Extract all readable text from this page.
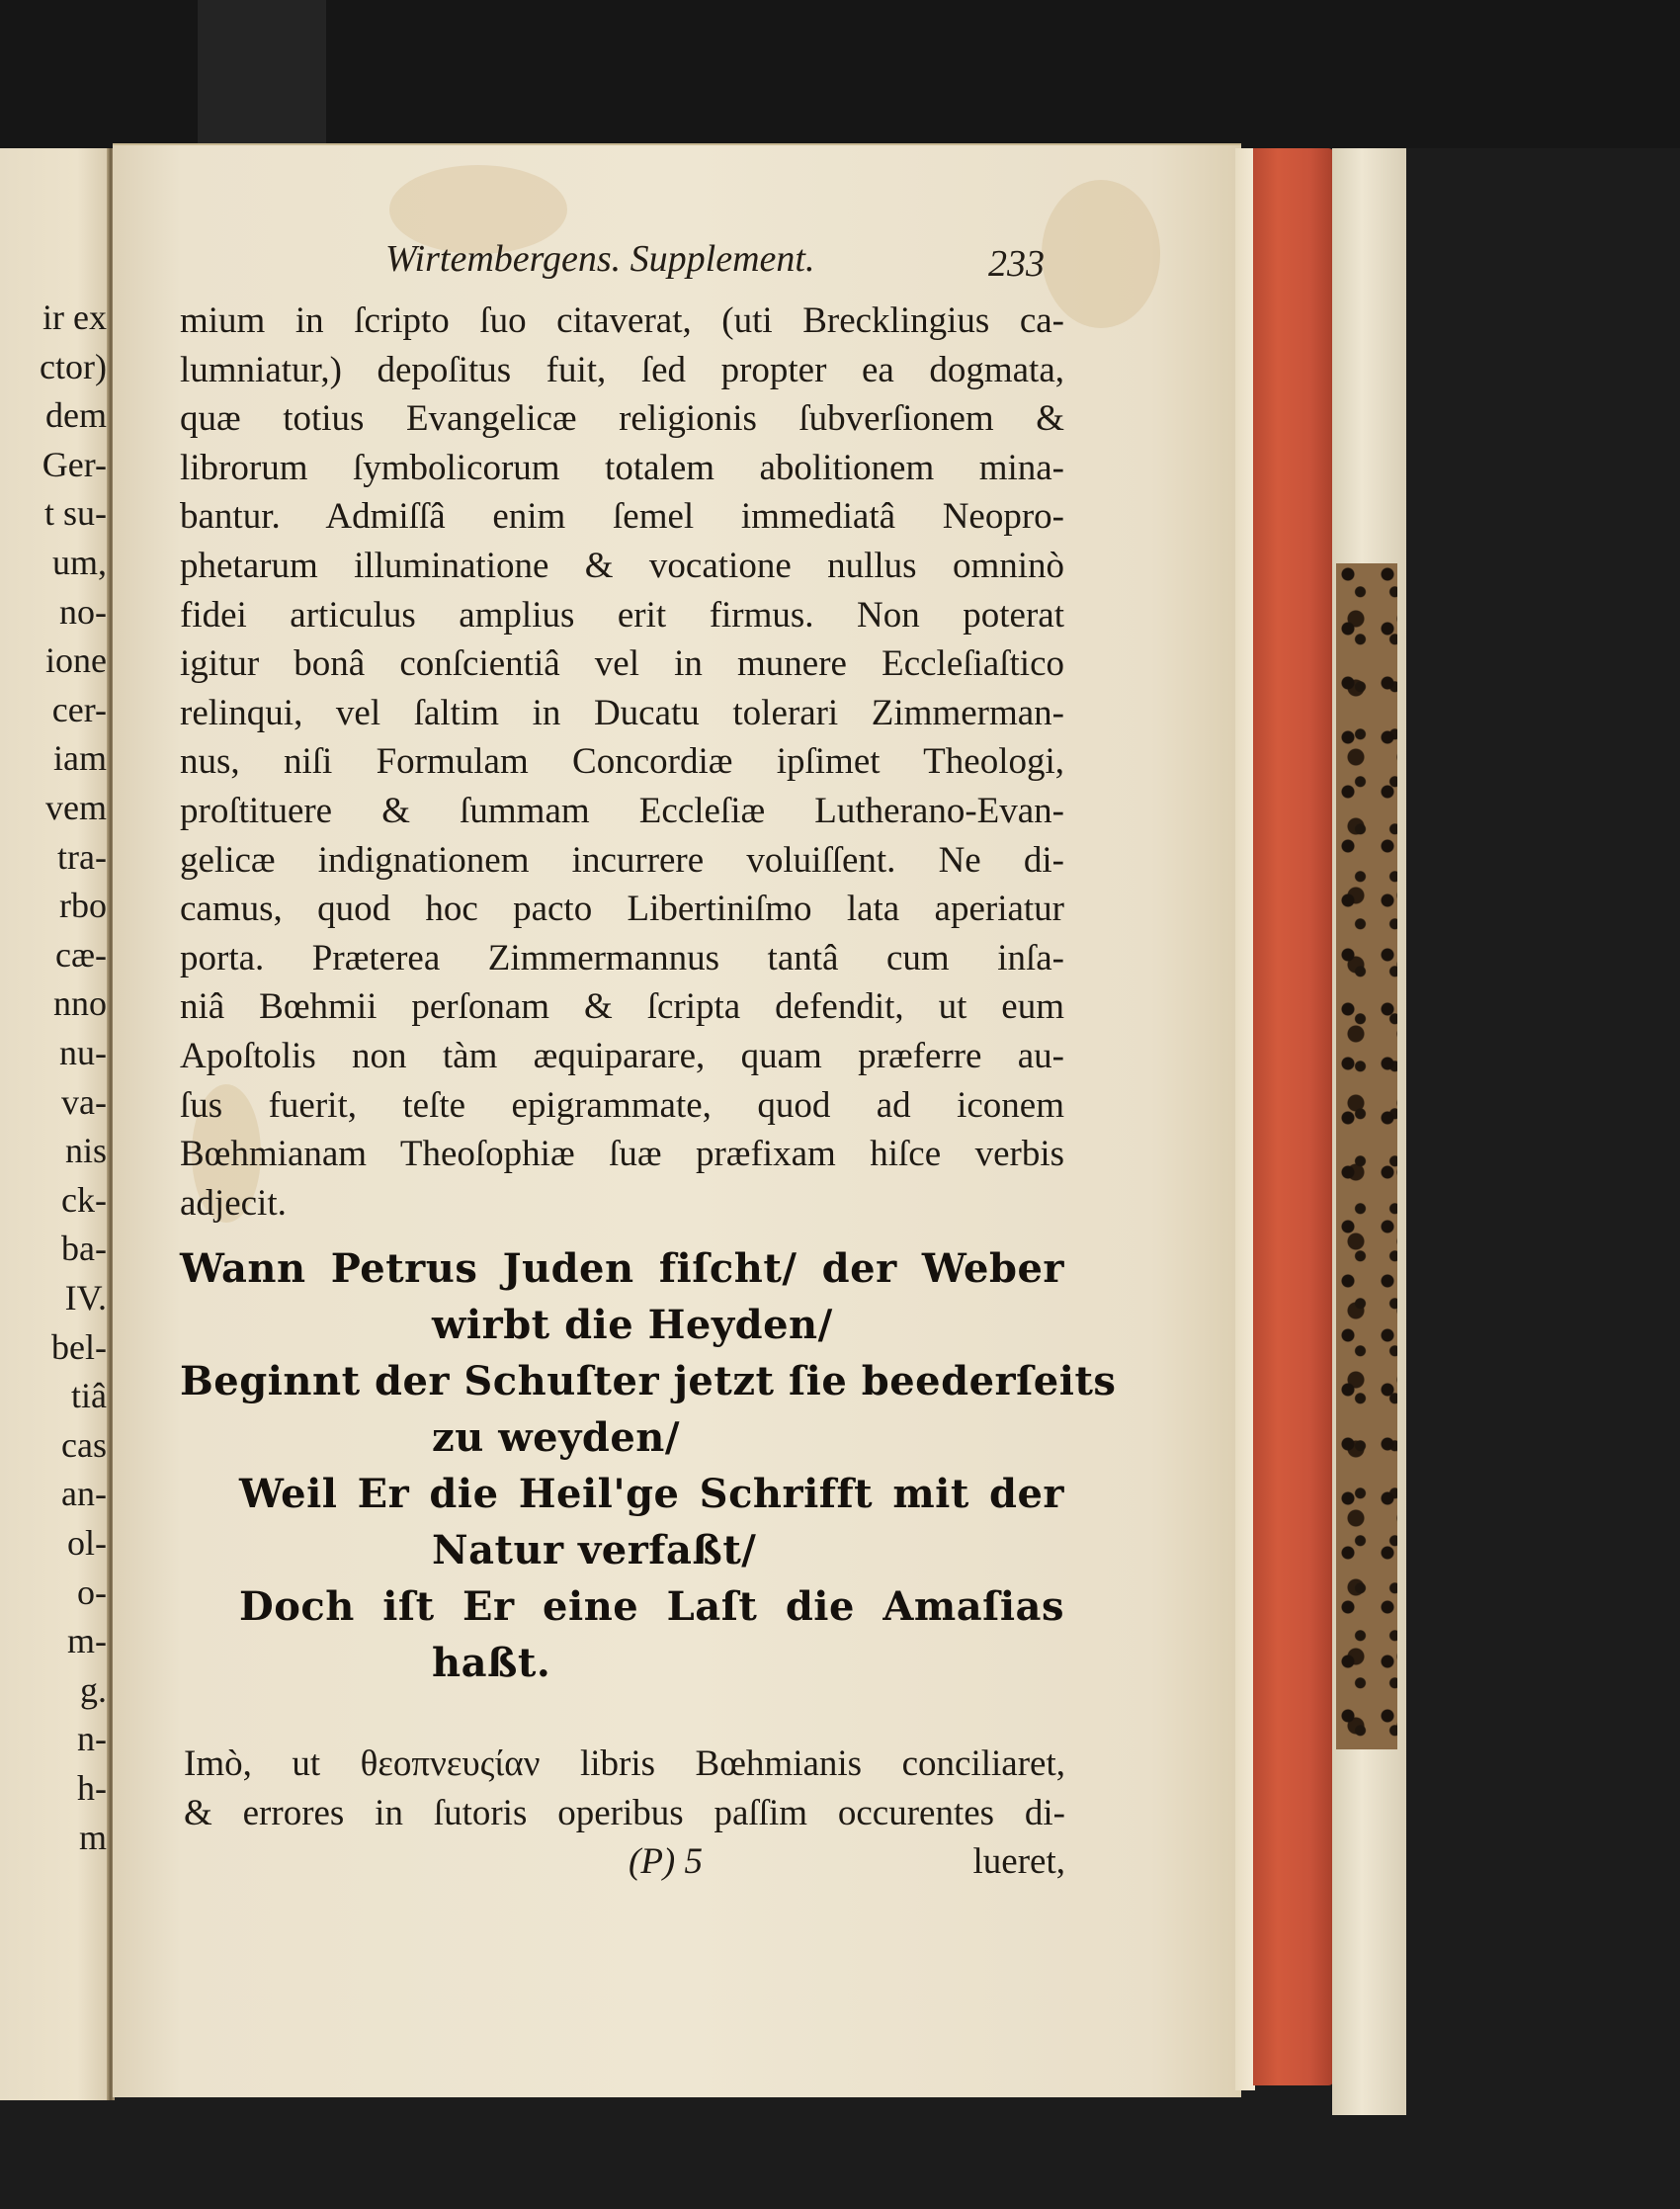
ir ex
ctor)
dem
Ger-
t su-
um,
no-
ione
cer-
iam
vem
tra-
rbo
cæ-
nno
nu-
va-
nis
ck-
ba-
IV.
bel-
tiâ
cas
an-
ol-
o-
m-
g.
n-
h-
m
Wirtembergens. Supplement.	233
mium in ſcripto ſuo citaverat, (uti Brecklingius ca-
lumniatur,) depoſitus fuit, ſed propter ea dogmata,
quæ totius Evangelicæ religionis ſubverſionem &
librorum ſymbolicorum totalem abolitionem mina-
bantur. Admiſſâ enim ſemel immediatâ Neopro-
phetarum illuminatione & vocatione nullus omninò
fidei articulus amplius erit firmus. Non poterat
igitur bonâ conſcientiâ vel in munere Eccleſiaſtico
relinqui, vel ſaltim in Ducatu tolerari Zimmerman-
nus, niſi Formulam Concordiæ ipſimet Theologi,
proſtituere & ſummam Eccleſiæ Lutherano-Evan-
gelicæ indignationem incurrere voluiſſent. Ne di-
camus, quod hoc pacto Libertiniſmo lata aperiatur
porta. Præterea Zimmermannus tantâ cum inſa-
niâ Bœhmii perſonam & ſcripta defendit, ut eum
Apoſtolis non tàm æquiparare, quam præferre au-
ſus fuerit, teſte epigrammate, quod ad iconem
Bœhmianam Theoſophiæ ſuæ præfixam hiſce verbis
adjecit.
Wann Petrus Juden fiſcht/ der Weber
wirbt die Heyden/
Beginnt der Schuſter jetzt ſie beederſeits
zu weyden/
Weil Er die Heil'ge Schrifft mit der
Natur verfaßt/
Doch iſt Er eine Laſt die Amaſias
haßt.
Imò, ut θεοπνευςίαν libris Bœhmianis conciliaret,
& errores in ſutoris operibus paſſim occurentes di-
(P) 5	lueret,
